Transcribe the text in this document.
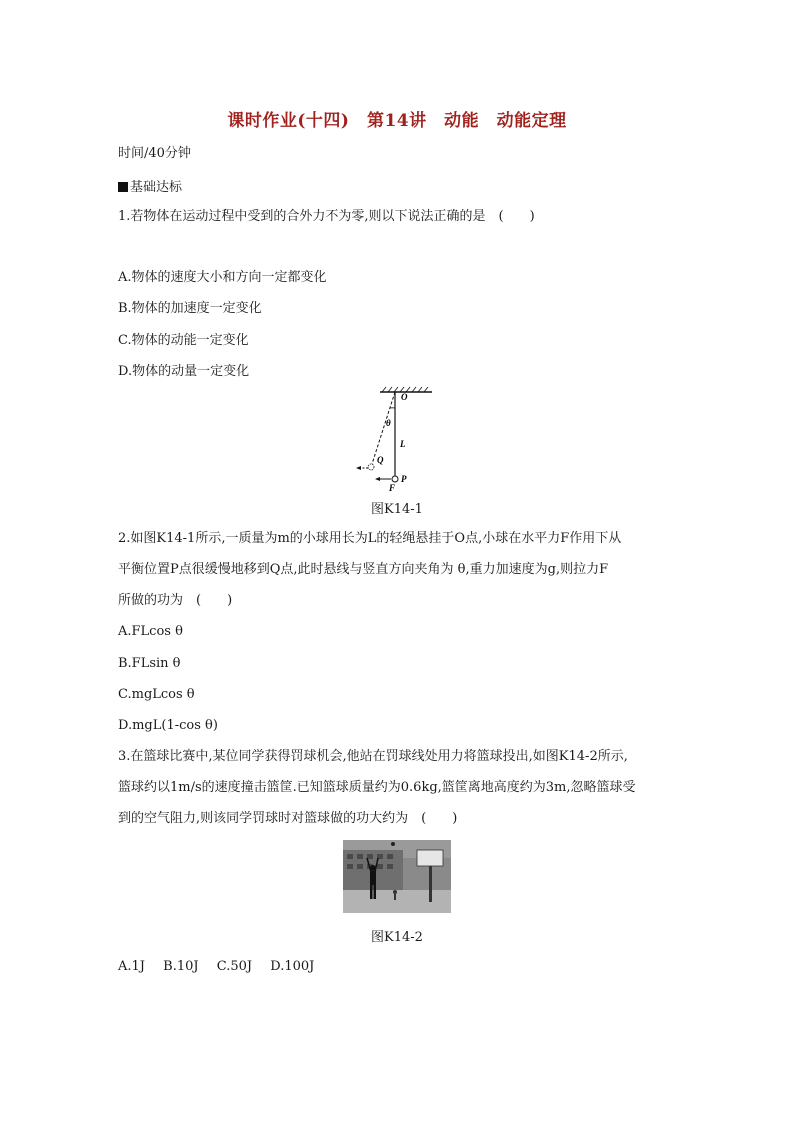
课时作业(十四)　第14讲　动能　动能定理
时间/40分钟
基础达标
1.若物体在运动过程中受到的合外力不为零,则以下说法正确的是　(　　)
A.物体的速度大小和方向一定都变化
B.物体的加速度一定变化
C.物体的动能一定变化
D.物体的动量一定变化
O
θ
L
Q
P
F
图K14-1
2.如图K14-1所示,一质量为m的小球用长为L的轻绳悬挂于O点,小球在水平力F作用下从
平衡位置P点很缓慢地移到Q点,此时悬线与竖直方向夹角为 θ,重力加速度为g,则拉力F
所做的功为　(　　)
A.FLcos θ
B.FLsin θ
C.mgLcos θ
D.mgL(1-cos θ)
3.在篮球比赛中,某位同学获得罚球机会,他站在罚球线处用力将篮球投出,如图K14-2所示,
篮球约以1m/s的速度撞击篮筐.已知篮球质量约为0.6kg,篮筐离地高度约为3m,忽略篮球受
到的空气阻力,则该同学罚球时对篮球做的功大约为　(　　)
图K14-2
A.1J B.10J C.50J D.100J
